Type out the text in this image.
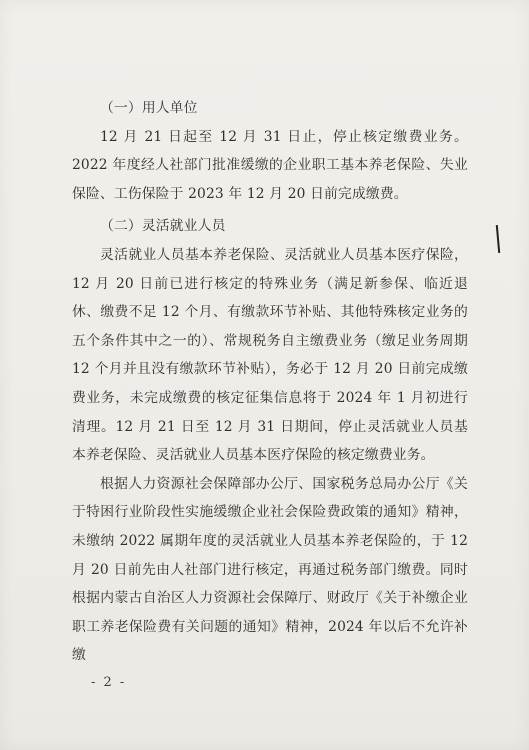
（一）用人单位

12 月 21 日起至 12 月 31 日止，停止核定缴费业务。2022 年度经人社部门批准缓缴的企业职工基本养老保险、失业保险、工伤保险于 2023 年 12 月 20 日前完成缴费。

（二）灵活就业人员

灵活就业人员基本养老保险、灵活就业人员基本医疗保险，12 月 20 日前已进行核定的特殊业务（满足新参保、临近退休、缴费不足 12 个月、有缴款环节补贴、其他特殊核定业务的五个条件其中之一的）、常规税务自主缴费业务（缴足业务周期 12 个月并且没有缴款环节补贴），务必于 12 月 20 日前完成缴费业务，未完成缴费的核定征集信息将于 2024 年 1 月初进行清理。12 月 21 日至 12 月 31 日期间，停止灵活就业人员基本养老保险、灵活就业人员基本医疗保险的核定缴费业务。

根据人力资源社会保障部办公厅、国家税务总局办公厅《关于特困行业阶段性实施缓缴企业社会保险费政策的通知》精神，未缴纳 2022 属期年度的灵活就业人员基本养老保险的，于 12 月 20 日前先由人社部门进行核定，再通过税务部门缴费。同时根据内蒙古自治区人力资源社会保障厅、财政厅《关于补缴企业职工养老保险费有关问题的通知》精神，2024 年以后不允许补缴

- 2 -
